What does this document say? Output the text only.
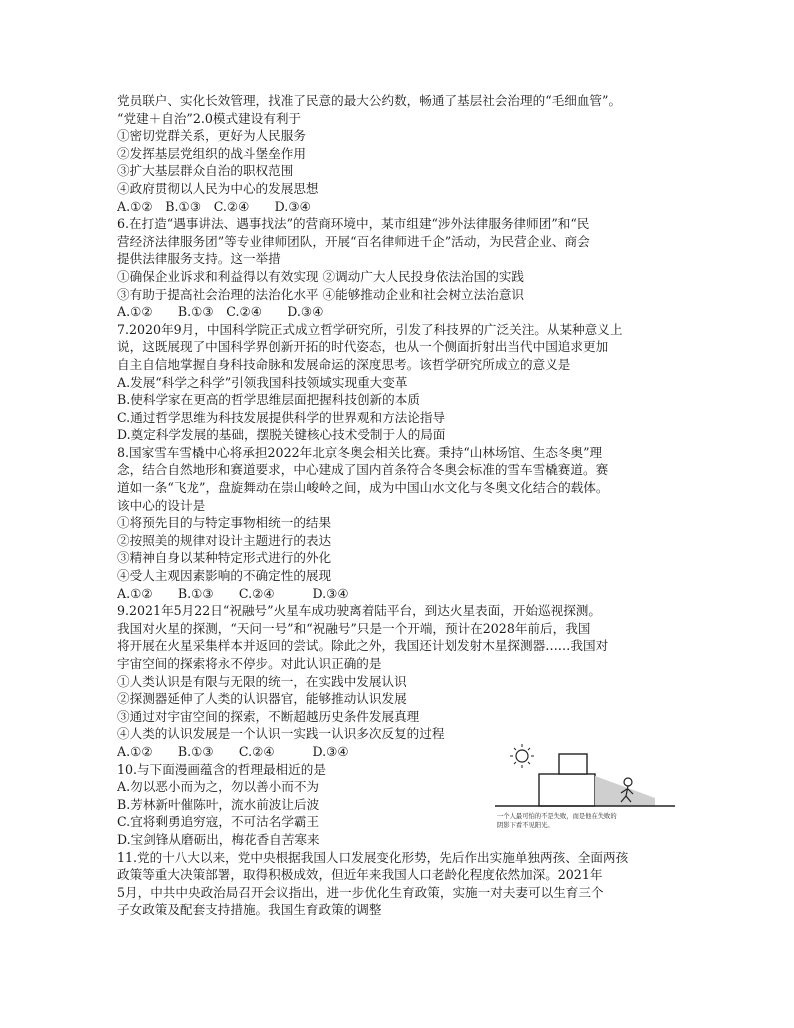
党员联户、实化长效管理，找准了民意的最大公约数，畅通了基层社会治理的“毛细血管”。
“党建＋自治”2.0模式建设有利于
①密切党群关系，更好为人民服务
②发挥基层党组织的战斗堡垒作用
③扩大基层群众自治的职权范围
④政府贯彻以人民为中心的发展思想
A.①②　B.①③　C.②④　　D.③④
6.在打造“遇事讲法、遇事找法”的营商环境中，某市组建“涉外法律服务律师团”和“民
营经济法律服务团”等专业律师团队，开展“百名律师进千企”活动，为民营企业、商会
提供法律服务支持。这一举措
①确保企业诉求和利益得以有效实现 ②调动广大人民投身依法治国的实践
③有助于提高社会治理的法治化水平 ④能够推动企业和社会树立法治意识
A.①②　　B.①③　C.②④　　D.③④
7.2020年9月，中国科学院正式成立哲学研究所，引发了科技界的广泛关注。从某种意义上
说，这既展现了中国科学界创新开拓的时代姿态，也从一个侧面折射出当代中国追求更加
自主自信地掌握自身科技命脉和发展命运的深度思考。该哲学研究所成立的意义是
A.发展“科学之科学”引领我国科技领域实现重大变革
B.使科学家在更高的哲学思维层面把握科技创新的本质
C.通过哲学思维为科技发展提供科学的世界观和方法论指导
D.奠定科学发展的基础，摆脱关键核心技术受制于人的局面
8.国家雪车雪橇中心将承担2022年北京冬奥会相关比赛。秉持“山林场馆、生态冬奥”理
念，结合自然地形和赛道要求，中心建成了国内首条符合冬奥会标准的雪车雪橇赛道。赛
道如一条“飞龙”，盘旋舞动在崇山峻岭之间，成为中国山水文化与冬奥文化结合的载体。
该中心的设计是
①将预先目的与特定事物相统一的结果
②按照美的规律对设计主题进行的表达
③精神自身以某种特定形式进行的外化
④受人主观因素影响的不确定性的展现
A.①②　　B.①③　　C.②④　　　D.③④
9.2021年5月22日“祝融号”火星车成功驶离着陆平台，到达火星表面，开始巡视探测。
我国对火星的探测，“天问一号”和“祝融号”只是一个开端，预计在2028年前后，我国
将开展在火星采集样本并返回的尝试。除此之外，我国还计划发射木星探测器……我国对
宇宙空间的探索将永不停步。对此认识正确的是
①人类认识是有限与无限的统一，在实践中发展认识
②探测器延伸了人类的认识器官，能够推动认识发展
③通过对宇宙空间的探索，不断超越历史条件发展真理
④人类的认识发展是一个认识一实践一认识多次反复的过程
A.①②　　B.①③　　C.②④　　　D.③④
10.与下面漫画蕴含的哲理最相近的是
A.勿以恶小而为之，勿以善小而不为
B.芳林新叶催陈叶，流水前波让后波
C.宜将剩勇追穷寇，不可沽名学霸王
D.宝剑锋从磨砺出，梅花香自苦寒来
11.党的十八大以来，党中央根据我国人口发展变化形势，先后作出实施单独两孩、全面两孩
政策等重大决策部署，取得积极成效，但近年来我国人口老龄化程度依然加深。2021年
5月，中共中央政治局召开会议指出，进一步优化生育政策，实施一对夫妻可以生育三个
子女政策及配套支持措施。我国生育政策的调整
一个人最可怕的不是失败，而是他在失败的
阴影下看不见阳光。
